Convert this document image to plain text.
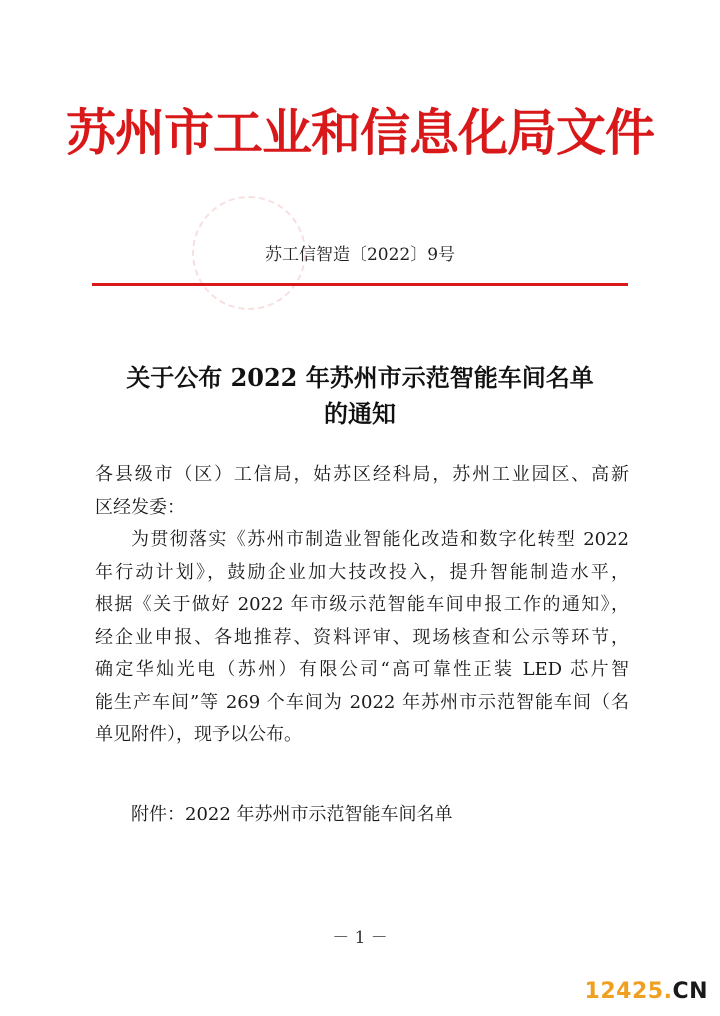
苏州市工业和信息化局文件
苏工信智造〔2022〕9号
关于公布 2022 年苏州市示范智能车间名单
的通知
各县级市（区）工信局，姑苏区经科局，苏州工业园区、高新
区经发委：
为贯彻落实《苏州市制造业智能化改造和数字化转型 2022
年行动计划》，鼓励企业加大技改投入，提升智能制造水平，
根据《关于做好 2022 年市级示范智能车间申报工作的通知》，
经企业申报、各地推荐、资料评审、现场核查和公示等环节，
确定华灿光电（苏州）有限公司“高可靠性正装 LED 芯片智
能生产车间”等 269 个车间为 2022 年苏州市示范智能车间（名
单见附件），现予以公布。
附件：2022 年苏州市示范智能车间名单
－ 1 －
12425.CN
